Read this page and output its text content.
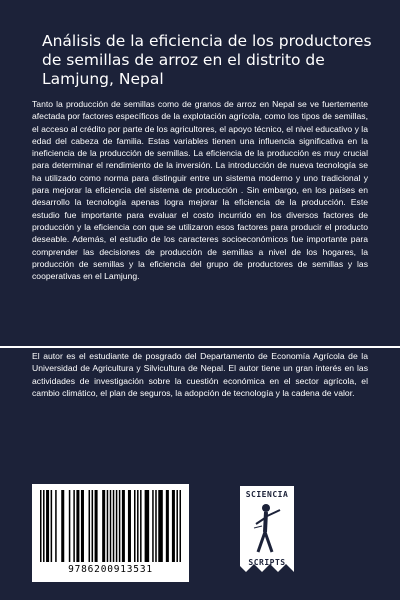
Análisis de la eficiencia de los productores de semillas de arroz en el distrito de Lamjung, Nepal

Tanto la producción de semillas como de granos de arroz en Nepal se ve fuertemente afectada por factores específicos de la explotación agrícola, como los tipos de semillas, el acceso al crédito por parte de los agricultores, el apoyo técnico, el nivel educativo y la edad del cabeza de familia. Estas variables tienen una influencia significativa en la ineficiencia de la producción de semillas. La eficiencia de la producción es muy crucial para determinar el rendimiento de la inversión. La introducción de nueva tecnología se ha utilizado como norma para distinguir entre un sistema moderno y uno tradicional y para mejorar la eficiencia del sistema de producción . Sin embargo, en los países en desarrollo la tecnología apenas logra mejorar la eficiencia de la producción. Este estudio fue importante para evaluar el costo incurrido en los diversos factores de producción y la eficiencia con que se utilizaron esos factores para producir el producto deseable. Además, el estudio de los caracteres socioeconómicos fue importante para comprender las decisiones de producción de semillas a nivel de los hogares, la producción de semillas y la eficiencia del grupo de productores de semillas y las cooperativas en el Lamjung.

El autor es el estudiante de posgrado del Departamento de Economía Agrícola de la Universidad de Agricultura y Silvicultura de Nepal. El autor tiene un gran interés en las actividades de investigación sobre la cuestión económica en el sector agrícola, el cambio climático, el plan de seguros, la adopción de tecnología y la cadena de valor.

9786200913531
SCIENCIA
SCRIPTS
